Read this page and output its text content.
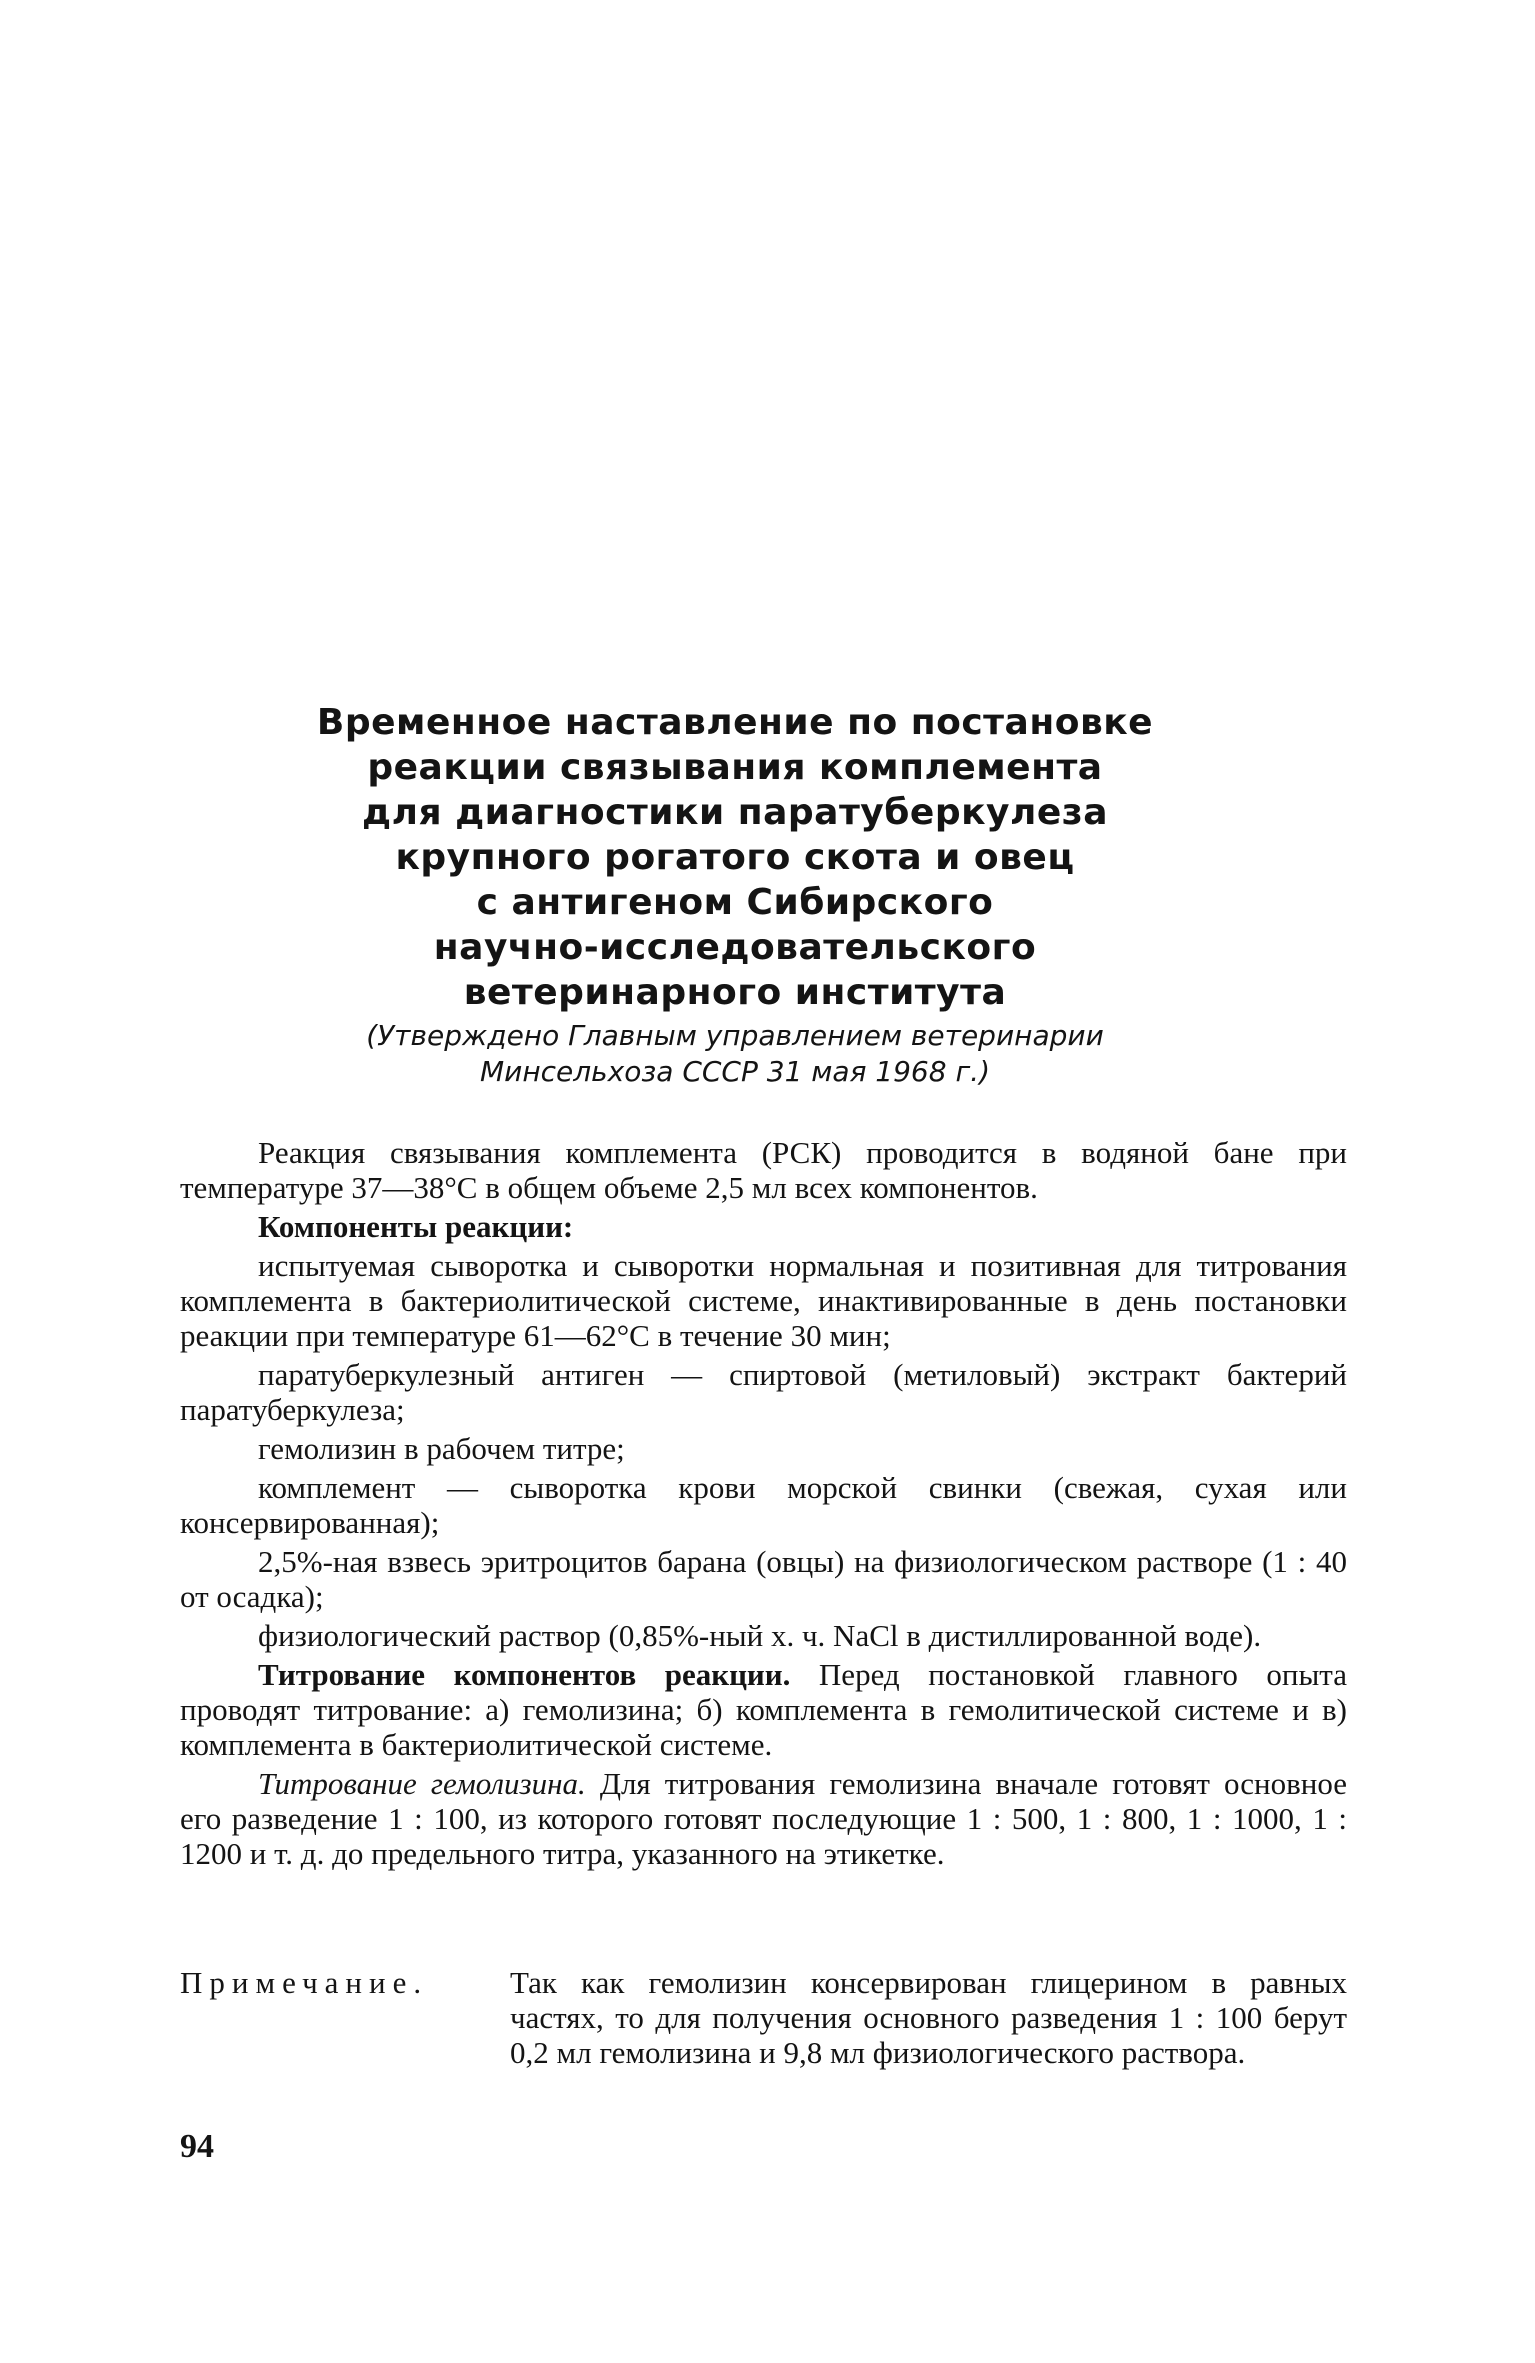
Временное наставление по постановке
реакции связывания комплемента
для диагностики паратуберкулеза
крупного рогатого скота и овец
с антигеном Сибирского
научно-исследовательского
ветеринарного института
(Утверждено Главным управлением ветеринарии
Минсельхоза СССР 31 мая 1968 г.)

Реакция связывания комплемента (РСК) проводится в водяной бане при температуре 37—38°С в общем объеме 2,5 мл всех компонентов.

Компоненты реакции:

испытуемая сыворотка и сыворотки нормальная и позитивная для титрования комплемента в бактериолитической системе, инактивированные в день постановки реакции при температуре 61—62°С в течение 30 мин;

паратуберкулезный антиген — спиртовой (метиловый) экстракт бактерий паратуберкулеза;

гемолизин в рабочем титре;

комплемент — сыворотка крови морской свинки (свежая, сухая или консервированная);

2,5%-ная взвесь эритроцитов барана (овцы) на физиологическом растворе (1 : 40 от осадка);

физиологический раствор (0,85%-ный х. ч. NaCl в дистиллированной воде).

Титрование компонентов реакции. Перед постановкой главного опыта проводят титрование: а) гемолизина; б) комплемента в гемолитической системе и в) комплемента в бактериолитической системе.

Титрование гемолизина. Для титрования гемолизина вначале готовят основное его разведение 1 : 100, из которого готовят последующие 1 : 500, 1 : 800, 1 : 1000, 1 : 1200 и т. д. до предельного титра, указанного на этикетке.

Примечание.	Так как гемолизин консервирован глицерином в равных частях, то для получения основного разведения 1 : 100 берут 0,2 мл гемолизина и 9,8 мл физиологического раствора.
94
